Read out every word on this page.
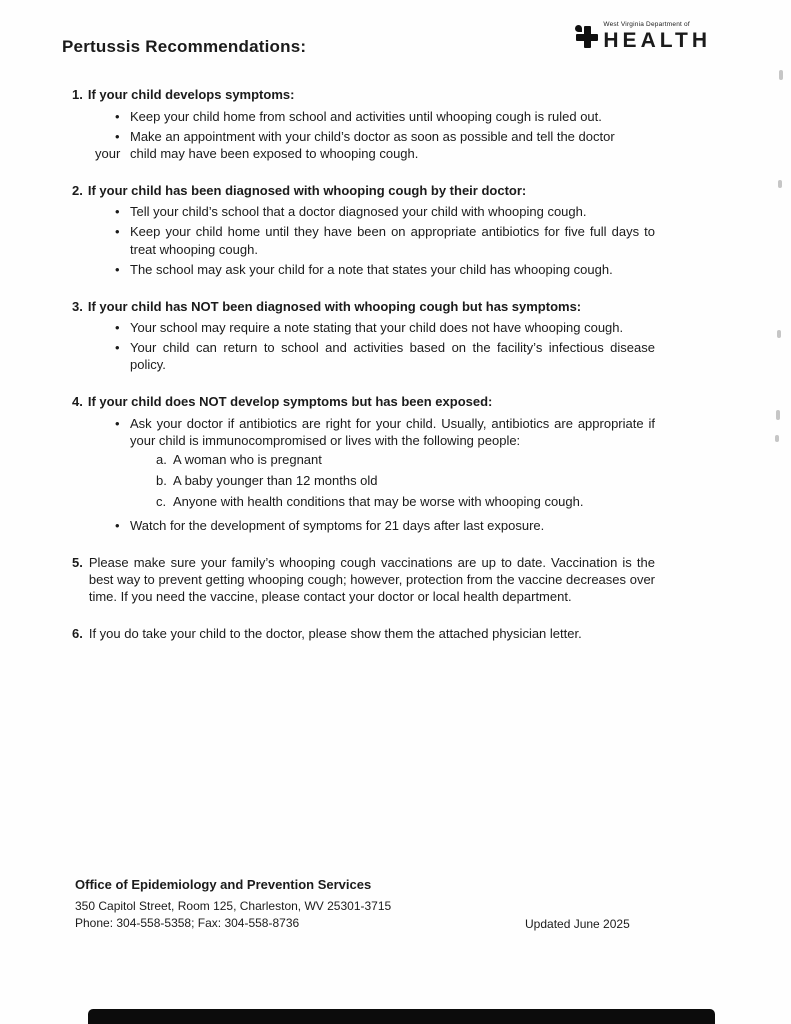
West Virginia Department of
HEALTH
Pertussis Recommendations:
1. If your child develops symptoms:
• Keep your child home from school and activities until whooping cough is ruled out.
• Make an appointment with your child’s doctor as soon as possible and tell the doctor
your child may have been exposed to whooping cough.
2. If your child has been diagnosed with whooping cough by their doctor:
• Tell your child’s school that a doctor diagnosed your child with whooping cough.
• Keep your child home until they have been on appropriate antibiotics for five full days to treat whooping cough.
• The school may ask your child for a note that states your child has whooping cough.
3. If your child has NOT been diagnosed with whooping cough but has symptoms:
• Your school may require a note stating that your child does not have whooping cough.
• Your child can return to school and activities based on the facility’s infectious disease policy.
4. If your child does NOT develop symptoms but has been exposed:
• Ask your doctor if antibiotics are right for your child. Usually, antibiotics are appropriate if your child is immunocompromised or lives with the following people:
a. A woman who is pregnant
b. A baby younger than 12 months old
c. Anyone with health conditions that may be worse with whooping cough.
• Watch for the development of symptoms for 21 days after last exposure.
5. Please make sure your family’s whooping cough vaccinations are up to date. Vaccination is the best way to prevent getting whooping cough; however, protection from the vaccine decreases over time. If you need the vaccine, please contact your doctor or local health department.

6. If you do take your child to the doctor, please show them the attached physician letter.

Office of Epidemiology and Prevention Services
350 Capitol Street, Room 125, Charleston, WV 25301-3715
Phone: 304-558-5358; Fax: 304-558-8736	Updated June 2025
